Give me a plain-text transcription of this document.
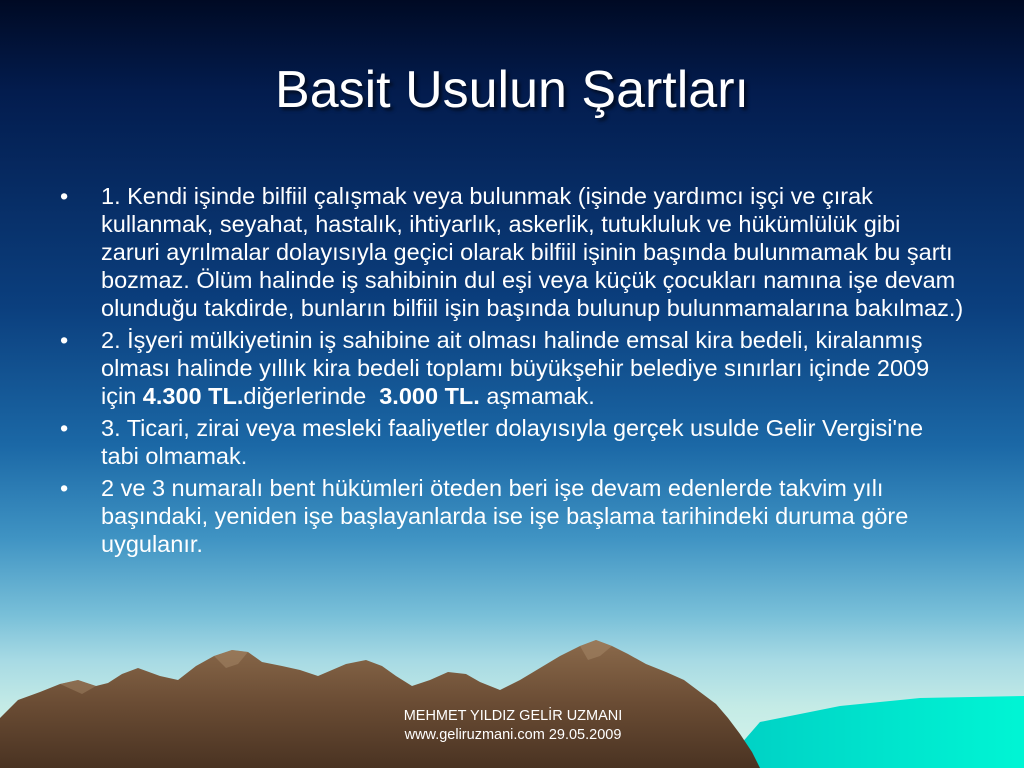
Basit Usulun Şartları
• 1. Kendi işinde bilfiil çalışmak veya bulunmak (işinde yardımcı işçi ve çırak kullanmak, seyahat, hastalık, ihtiyarlık, askerlik, tutukluluk ve hükümlülük gibi zaruri ayrılmalar dolayısıyla geçici olarak bilfiil işinin başında bulunmamak bu şartı bozmaz. Ölüm halinde iş sahibinin dul eşi veya küçük çocukları namına işe devam olunduğu takdirde, bunların bilfiil işin başında bulunup bulunmamalarına bakılmaz.)
• 2. İşyeri mülkiyetinin iş sahibine ait olması halinde emsal kira bedeli, kiralanmış olması halinde yıllık kira bedeli toplamı büyükşehir belediye sınırları içinde 2009 için 4.300 TL.diğerlerinde  3.000 TL. aşmamak.
• 3. Ticari, zirai veya mesleki faaliyetler dolayısıyla gerçek usulde Gelir Vergisi'ne tabi olmamak.
• 2 ve 3 numaralı bent hükümleri öteden beri işe devam edenlerde takvim yılı başındaki, yeniden işe başlayanlarda ise işe başlama tarihindeki duruma göre uygulanır.
MEHMET YILDIZ GELİR UZMANI
www.geliruzmani.com 29.05.2009
